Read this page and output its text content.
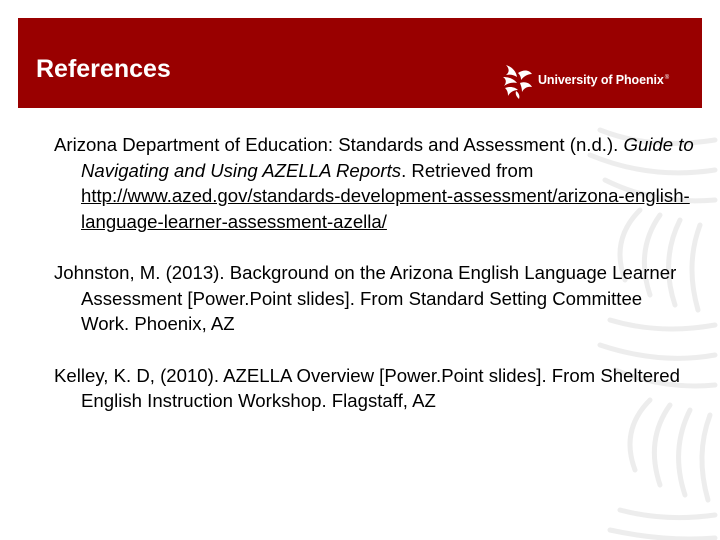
References	University of Phoenix®

Arizona Department of Education: Standards and Assessment (n.d.). Guide to Navigating and Using AZELLA Reports. Retrieved from http://www.azed.gov/standards-development-assessment/arizona-english-language-learner-assessment-azella/

Johnston, M. (2013). Background on the Arizona English Language Learner Assessment [Power.Point slides]. From Standard Setting Committee Work. Phoenix, AZ

Kelley, K. D, (2010). AZELLA Overview [Power.Point slides]. From Sheltered English Instruction Workshop. Flagstaff, AZ
